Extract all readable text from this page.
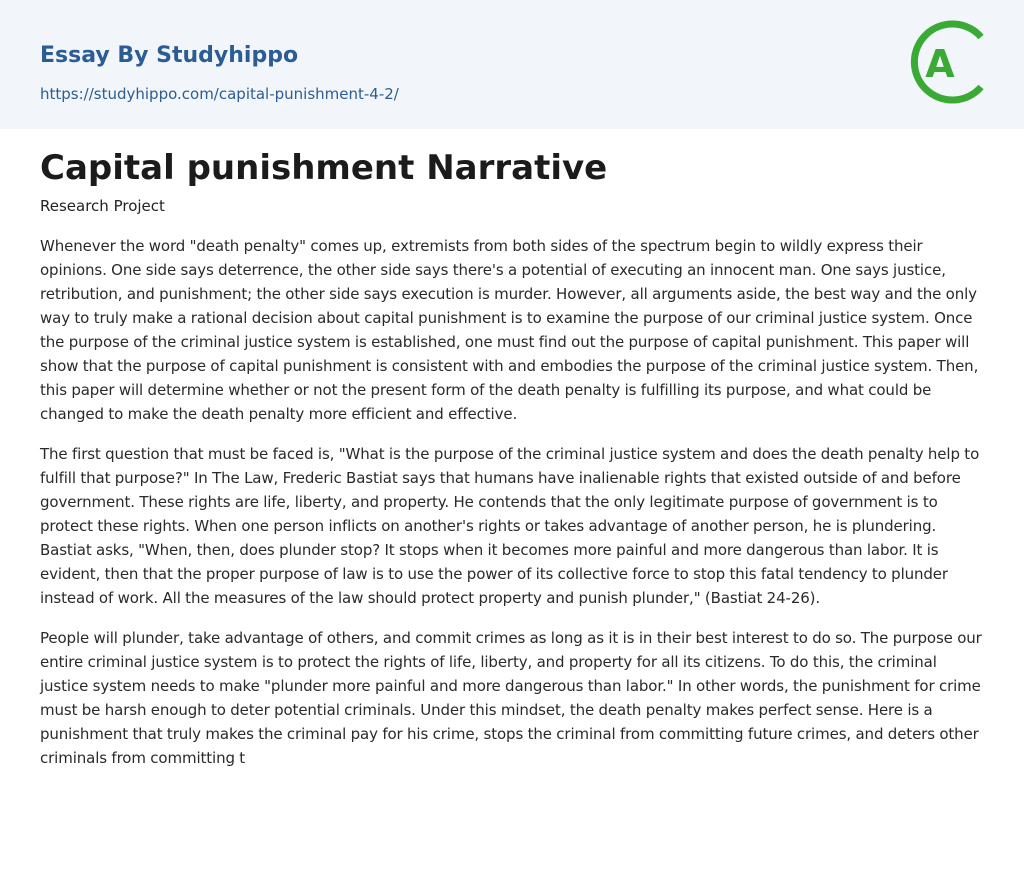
Essay By Studyhippo
https://studyhippo.com/capital-punishment-4-2/
A
Capital punishment Narrative
Research Project

Whenever the word "death penalty" comes up, extremists from both sides of the spectrum begin to wildly express their opinions. One side says deterrence, the other side says there's a potential of executing an innocent man. One says justice, retribution, and punishment; the other side says execution is murder. However, all arguments aside, the best way and the only way to truly make a rational decision about capital punishment is to examine the purpose of our criminal justice system. Once the purpose of the criminal justice system is established, one must find out the purpose of capital punishment. This paper will show that the purpose of capital punishment is consistent with and embodies the purpose of the criminal justice system. Then, this paper will determine whether or not the present form of the death penalty is fulfilling its purpose, and what could be changed to make the death penalty more efficient and effective.

The first question that must be faced is, "What is the purpose of the criminal justice system and does the death penalty help to fulfill that purpose?" In The Law, Frederic Bastiat says that humans have inalienable rights that existed outside of and before government. These rights are life, liberty, and property. He contends that the only legitimate purpose of government is to protect these rights. When one person inflicts on another's rights or takes advantage of another person, he is plundering. Bastiat asks, "When, then, does plunder stop? It stops when it becomes more painful and more dangerous than labor. It is evident, then that the proper purpose of law is to use the power of its collective force to stop this fatal tendency to plunder instead of work. All the measures of the law should protect property and punish plunder," (Bastiat 24-26).

People will plunder, take advantage of others, and commit crimes as long as it is in their best interest to do so. The purpose our entire criminal justice system is to protect the rights of life, liberty, and property for all its citizens. To do this, the criminal justice system needs to make "plunder more painful and more dangerous than labor." In other words, the punishment for crime must be harsh enough to deter potential criminals. Under this mindset, the death penalty makes perfect sense. Here is a punishment that truly makes the criminal pay for his crime, stops the criminal from committing future crimes, and deters other criminals from committing t
